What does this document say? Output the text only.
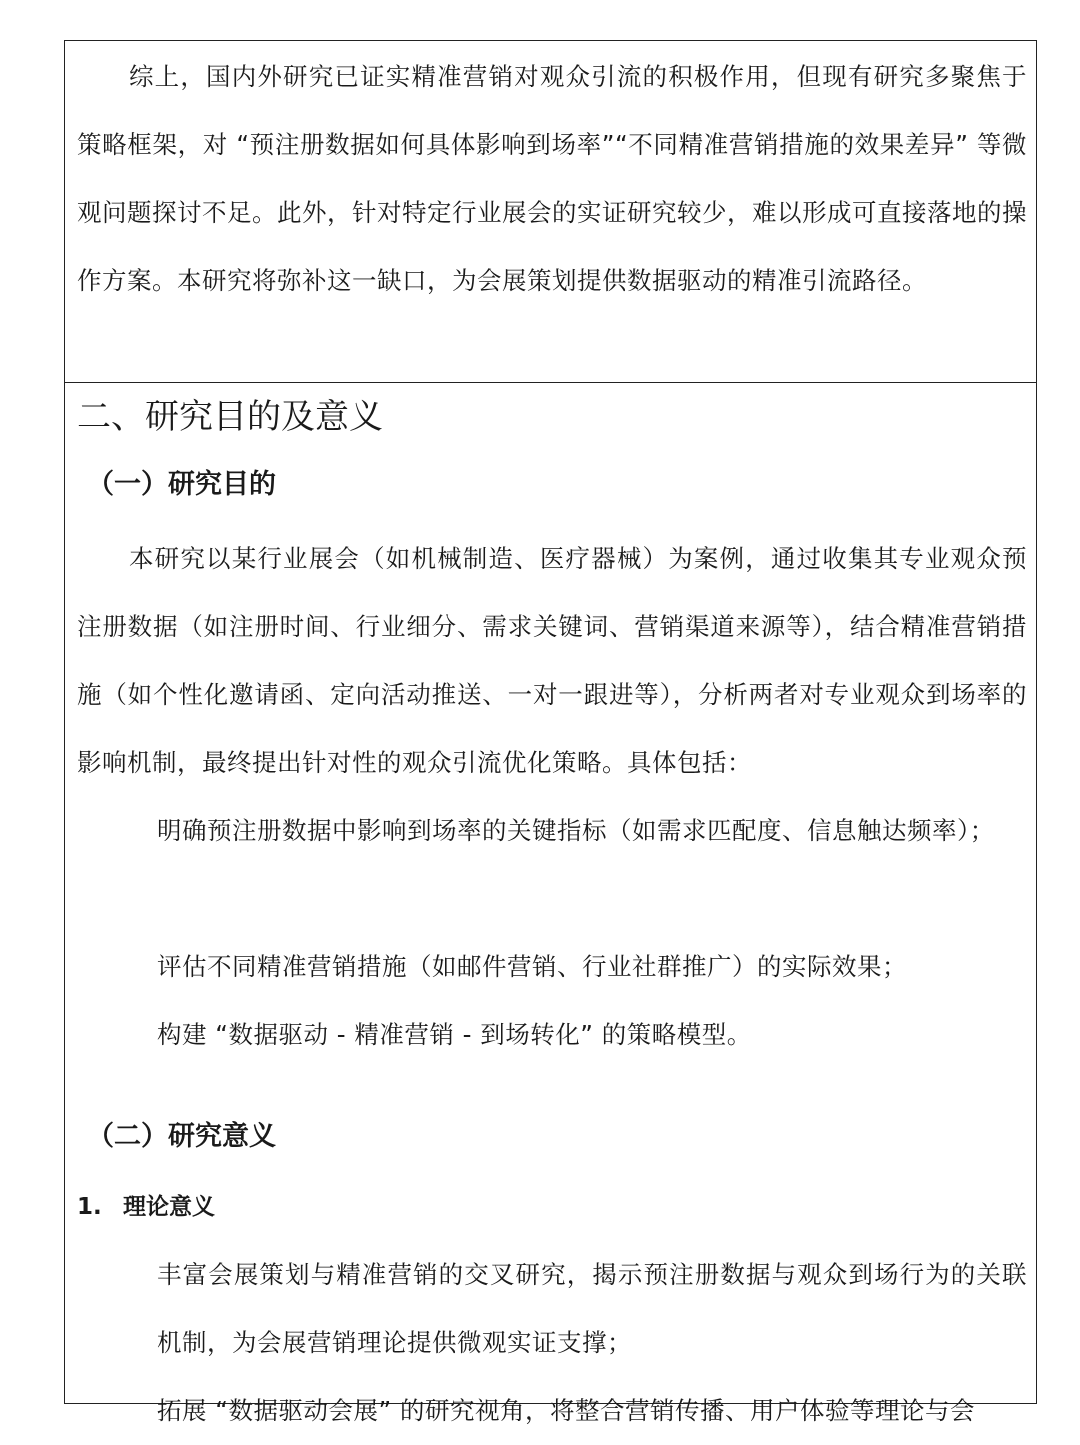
综上，国内外研究已证实精准营销对观众引流的积极作用，但现有研究多聚焦于策略框架，对 “预注册数据如何具体影响到场率”“不同精准营销措施的效果差异” 等微观问题探讨不足。此外，针对特定行业展会的实证研究较少，难以形成可直接落地的操作方案。本研究将弥补这一缺口，为会展策划提供数据驱动的精准引流路径。

二、研究目的及意义
（一）研究目的

本研究以某行业展会（如机械制造、医疗器械）为案例，通过收集其专业观众预注册数据（如注册时间、行业细分、需求关键词、营销渠道来源等），结合精准营销措施（如个性化邀请函、定向活动推送、一对一跟进等），分析两者对专业观众到场率的影响机制，最终提出针对性的观众引流优化策略。具体包括：

明确预注册数据中影响到场率的关键指标（如需求匹配度、信息触达频率）；

评估不同精准营销措施（如邮件营销、行业社群推广）的实际效果；

构建 “数据驱动 - 精准营销 - 到场转化” 的策略模型。

（二）研究意义
1. 理论意义

丰富会展策划与精准营销的交叉研究，揭示预注册数据与观众到场行为的关联机制，为会展营销理论提供微观实证支撑；

拓展 “数据驱动会展” 的研究视角，将整合营销传播、用户体验等理论与会
